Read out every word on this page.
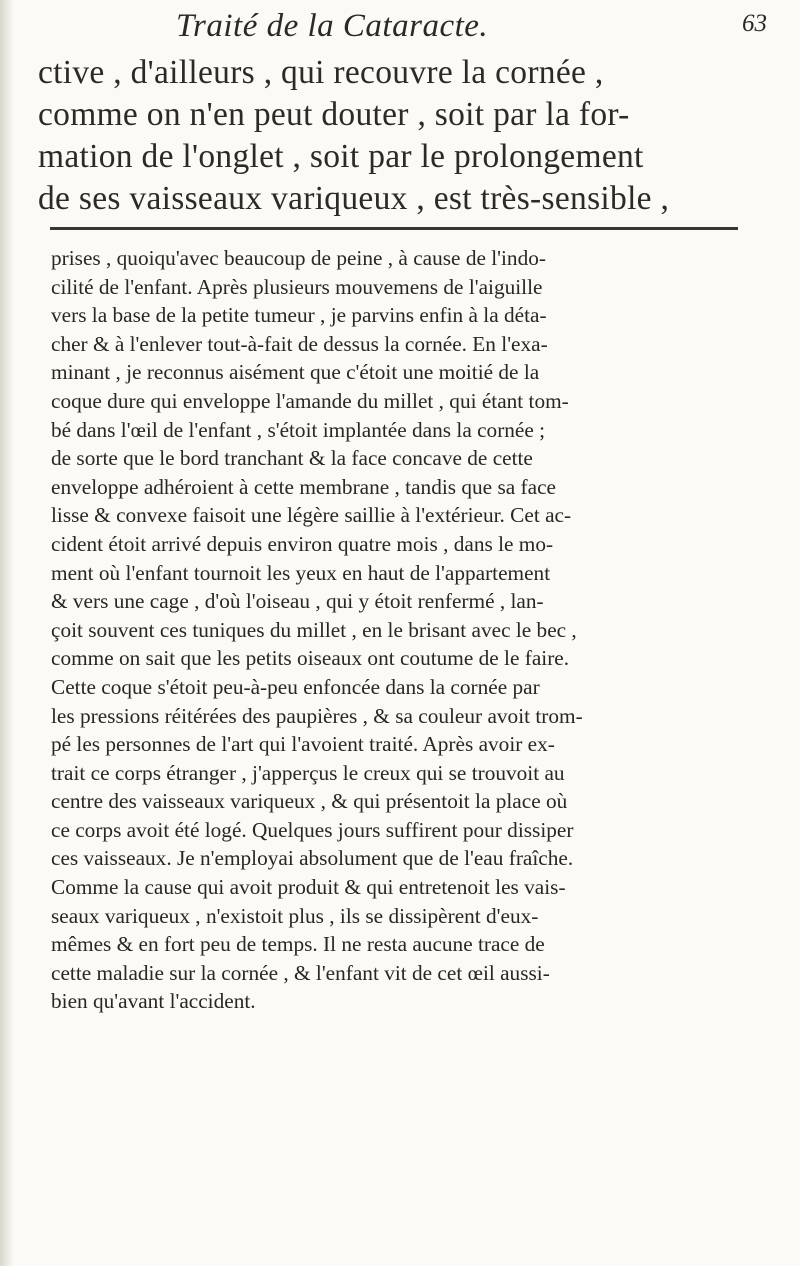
Traité de la Cataracte.	63
ctive , d'ailleurs , qui recouvre la cornée ,
comme on n'en peut douter , soit par la for-
mation de l'onglet , soit par le prolongement
de ses vaisseaux variqueux , est très-sensible ,
prises , quoiqu'avec beaucoup de peine , à cause de l'indo-
cilité de l'enfant. Après plusieurs mouvemens de l'aiguille
vers la base de la petite tumeur , je parvins enfin à la déta-
cher & à l'enlever tout-à-fait de dessus la cornée. En l'exa-
minant , je reconnus aisément que c'étoit une moitié de la
coque dure qui enveloppe l'amande du millet , qui étant tom-
bé dans l'œil de l'enfant , s'étoit implantée dans la cornée ;
de sorte que le bord tranchant & la face concave de cette
enveloppe adhéroient à cette membrane , tandis que sa face
lisse & convexe faisoit une légère saillie à l'extérieur. Cet ac-
cident étoit arrivé depuis environ quatre mois , dans le mo-
ment où l'enfant tournoit les yeux en haut de l'appartement
& vers une cage , d'où l'oiseau , qui y étoit renfermé , lan-
çoit souvent ces tuniques du millet , en le brisant avec le bec ,
comme on sait que les petits oiseaux ont coutume de le faire.
Cette coque s'étoit peu-à-peu enfoncée dans la cornée par
les pressions réitérées des paupières , & sa couleur avoit trom-
pé les personnes de l'art qui l'avoient traité. Après avoir ex-
trait ce corps étranger , j'apperçus le creux qui se trouvoit au
centre des vaisseaux variqueux , & qui présentoit la place où
ce corps avoit été logé. Quelques jours suffirent pour dissiper
ces vaisseaux. Je n'employai absolument que de l'eau fraîche.
Comme la cause qui avoit produit & qui entretenoit les vais-
seaux variqueux , n'existoit plus , ils se dissipèrent d'eux-
mêmes & en fort peu de temps. Il ne resta aucune trace de
cette maladie sur la cornée , & l'enfant vit de cet œil aussi-
bien qu'avant l'accident.
